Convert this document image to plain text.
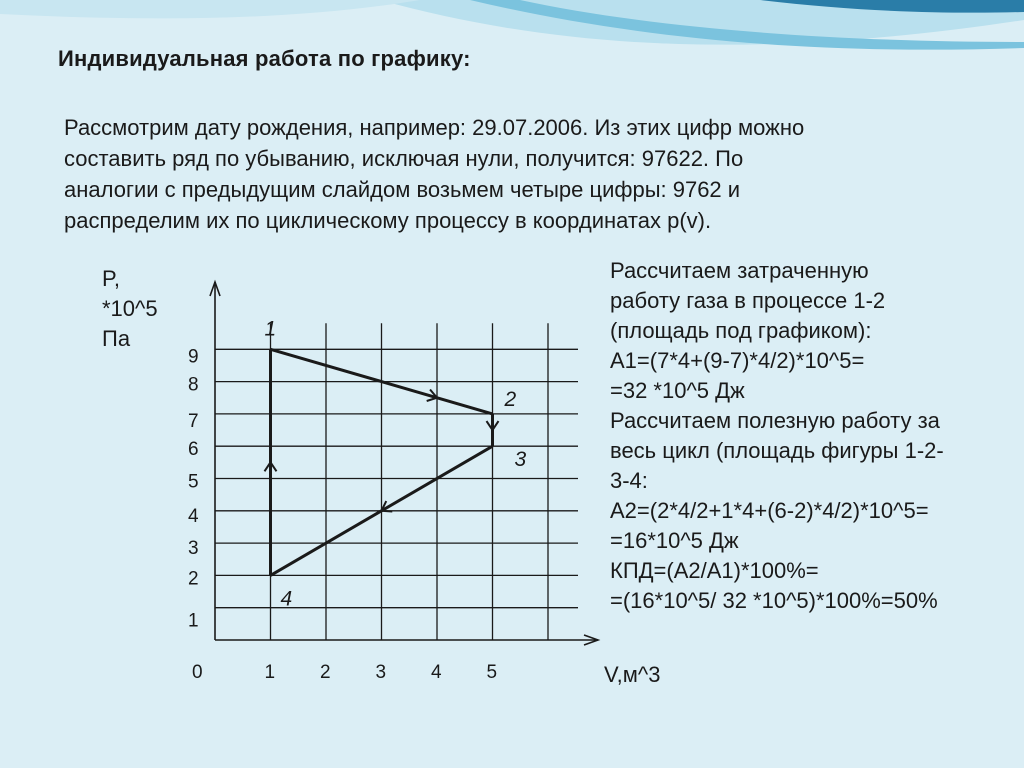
Индивидуальная работа по графику:
Рассмотрим дату рождения, например: 29.07.2006. Из этих цифр можно
составить ряд по убыванию, исключая нули, получится: 97622. По
аналогии с предыдущим слайдом возьмем четыре цифры: 9762 и
распределим их по циклическому процессу в координатах p(v).
P,
*10^5
Па
Рассчитаем затраченную
работу газа в процессе 1-2
(площадь под графиком):
А1=(7*4+(9-7)*4/2)*10^5=
=32 *10^5 Дж
Рассчитаем полезную работу за
весь цикл (площадь фигуры 1-2-
3-4:
А2=(2*4/2+1*4+(6-2)*4/2)*10^5=
=16*10^5 Дж
КПД=(А2/А1)*100%=
=(16*10^5/ 32 *10^5)*100%=50%
1
2
3
4
5
6
7
8
9
0	1 2 3 4 5	V,м^3
1
2
3
4
